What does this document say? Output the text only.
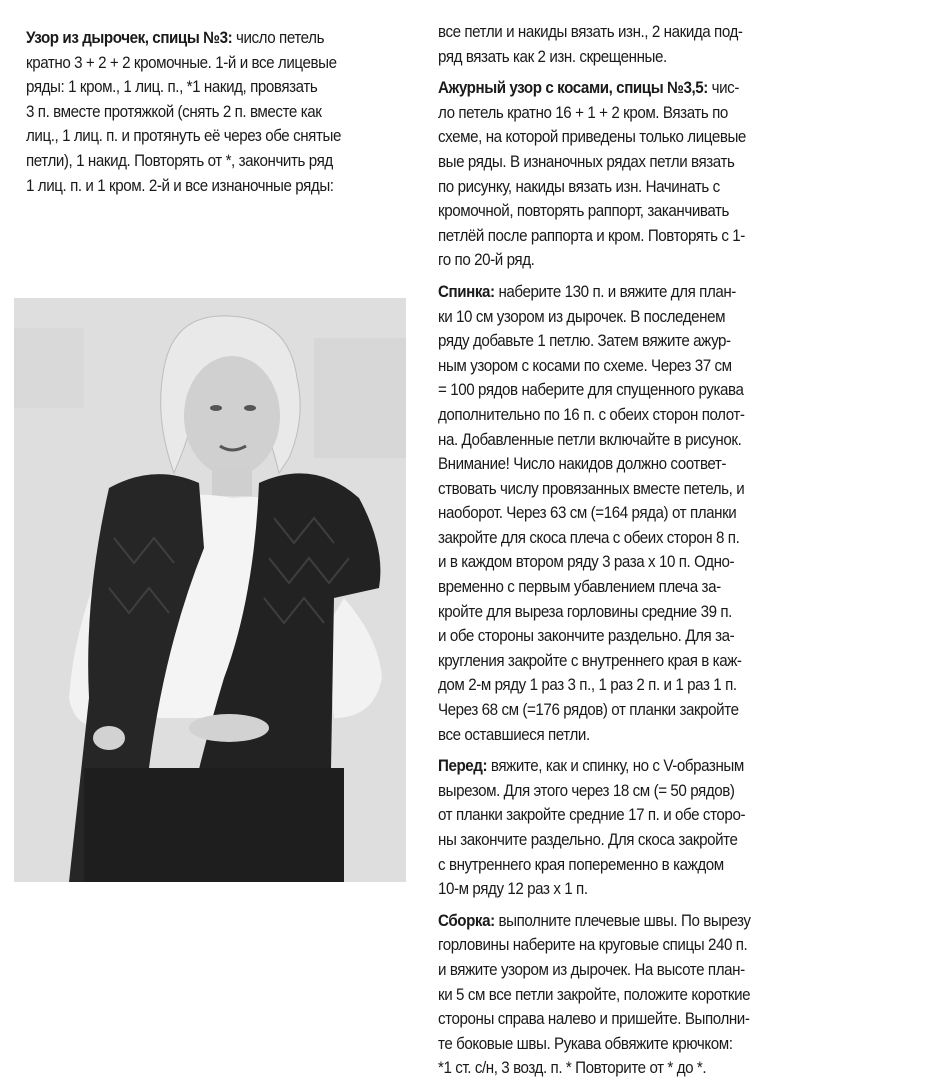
Узор из дырочек, спицы №3: число петель
кратно 3 + 2 + 2 кромочные. 1-й и все лицевые
ряды: 1 кром., 1 лиц. п., *1 накид, провязать
3 п. вместе протяжкой (снять 2 п. вместе как
лиц., 1 лиц. п. и протянуть её через обе снятые
петли), 1 накид. Повторять от *, закончить ряд
1 лиц. п. и 1 кром. 2-й и все изнаночные ряды:

все петли и накиды вязать изн., 2 накида под-
ряд вязать как 2 изн. скрещенные.

Ажурный узор с косами, спицы №3,5: чис-
ло петель кратно 16 + 1 + 2 кром. Вязать по
схеме, на которой приведены только лицевые
вые ряды. В изнаночных рядах петли вязать
по рисунку, накиды вязать изн. Начинать с
кромочной, повторять раппорт, заканчивать
петлёй после раппорта и кром. Повторять с 1-
го по 20-й ряд.

Спинка: наберите 130 п. и вяжите для план-
ки 10 см узором из дырочек. В последенем
ряду добавьте 1 петлю. Затем вяжите ажур-
ным узором с косами по схеме. Через 37 см
= 100 рядов наберите для спущенного рукава
дополнительно по 16 п. с обеих сторон полот-
на. Добавленные петли включайте в рисунок.
Внимание! Число накидов должно соответ-
ствовать числу провязанных вместе петель, и
наоборот. Через 63 см (=164 ряда) от планки
закройте для скоса плеча с обеих сторон 8 п.
и в каждом втором ряду 3 раза х 10 п. Одно-
временно с первым убавлением плеча за-
кройте для выреза горловины средние 39 п.
и обе стороны закончите раздельно. Для за-
кругления закройте с внутреннего края в каж-
дом 2-м ряду 1 раз 3 п., 1 раз 2 п. и 1 раз 1 п.
Через 68 см (=176 рядов) от планки закройте
все оставшиеся петли.

Перед: вяжите, как и спинку, но с V-образным
вырезом. Для этого через 18 см (= 50 рядов)
от планки закройте средние 17 п. и обе сторо-
ны закончите раздельно. Для скоса закройте
с внутреннего края попеременно в каждом
10-м ряду 12 раз х 1 п.

Сборка: выполните плечевые швы. По вырезу
горловины наберите на круговые спицы 240 п.
и вяжите узором из дырочек. На высоте план-
ки 5 см все петли закройте, положите короткие
стороны справа налево и пришейте. Выполни-
те боковые швы. Рукава обвяжите крючком:
*1 ст. с/н, 3 возд. п. * Повторите от * до *.
